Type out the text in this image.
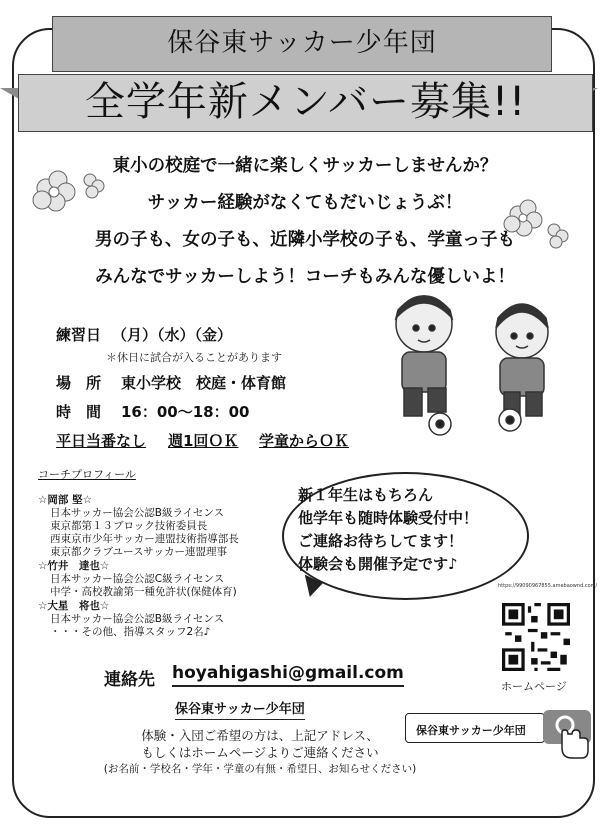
保谷東サッカー少年団
全学年新メンバー募集!!
東小の校庭で一緒に楽しくサッカーしませんか？
サッカー経験がなくてもだいじょうぶ！
男の子も、女の子も、近隣小学校の子も、学童っ子も
みんなでサッカーしよう！コーチもみんな優しいよ！
練習日 （月）（水）（金）
＊休日に試合が入ることがあります
場　所 東小学校　校庭・体育館
時　間 16：00～18：00
平日当番なし 週1回ＯＫ 学童からＯＫ
コーチプロフィール
☆岡部 堅☆
日本サッカー協会公認B級ライセンス
東京都第１３ブロック技術委員長
西東京市少年サッカー連盟技術指導部長
東京都クラブユースサッカー連盟理事
☆竹井　達也☆
日本サッカー協会公認C級ライセンス
中学・高校教諭第一種免許状(保健体育)
☆大星　将也☆
日本サッカー協会公認B級ライセンス
・・・その他、指導スタッフ2名♪
新１年生はもちろん
他学年も随時体験受付中！
ご連絡お待ちしてます！
体験会も開催予定です♪
https://99090967855.amebaownd.com/
ホームページ
連絡先 hoyahigashi@gmail.com
保谷東サッカー少年団
体験・入団ご希望の方は、上記アドレス、
もしくはホームページよりご連絡ください
(お名前・学校名・学年・学童の有無・希望日、お知らせください)
保谷東サッカー少年団
